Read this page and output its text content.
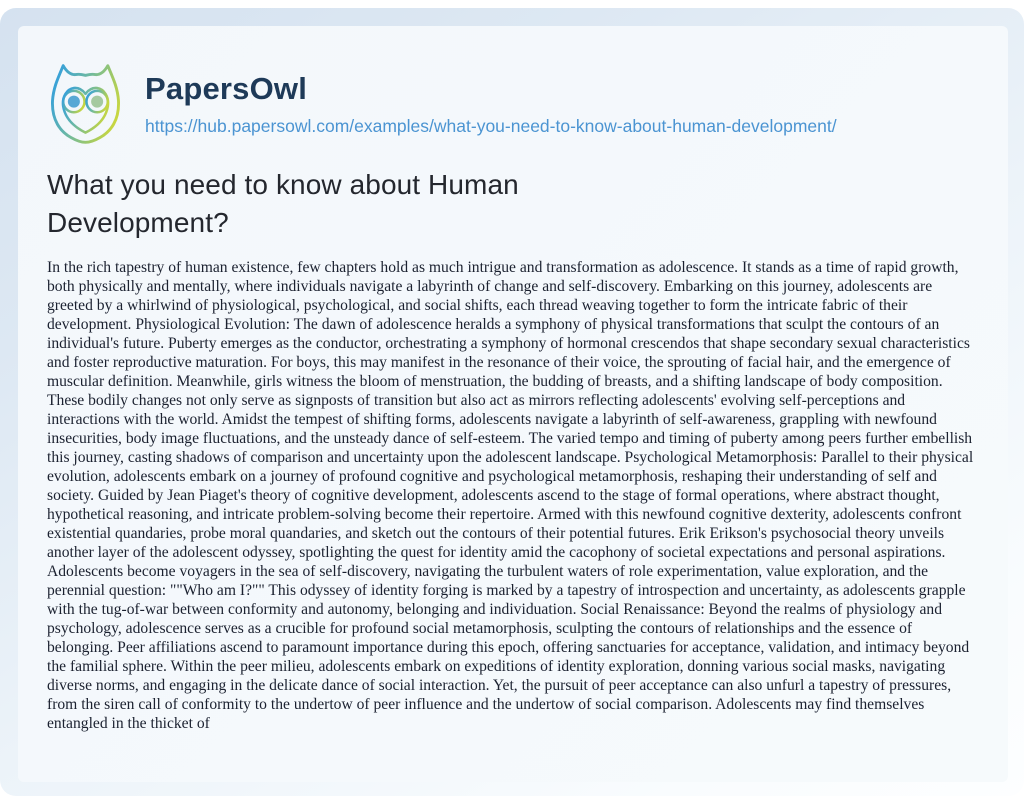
PapersOwl
https://hub.papersowl.com/examples/what-you-need-to-know-about-human-development/
What you need to know about Human Development?

In the rich tapestry of human existence, few chapters hold as much intrigue and transformation as adolescence. It stands as a time of rapid growth, both physically and mentally, where individuals navigate a labyrinth of change and self-discovery. Embarking on this journey, adolescents are greeted by a whirlwind of physiological, psychological, and social shifts, each thread weaving together to form the intricate fabric of their development. Physiological Evolution: The dawn of adolescence heralds a symphony of physical transformations that sculpt the contours of an individual's future. Puberty emerges as the conductor, orchestrating a symphony of hormonal crescendos that shape secondary sexual characteristics and foster reproductive maturation. For boys, this may manifest in the resonance of their voice, the sprouting of facial hair, and the emergence of muscular definition. Meanwhile, girls witness the bloom of menstruation, the budding of breasts, and a shifting landscape of body composition. These bodily changes not only serve as signposts of transition but also act as mirrors reflecting adolescents' evolving self-perceptions and interactions with the world. Amidst the tempest of shifting forms, adolescents navigate a labyrinth of self-awareness, grappling with newfound insecurities, body image fluctuations, and the unsteady dance of self-esteem. The varied tempo and timing of puberty among peers further embellish this journey, casting shadows of comparison and uncertainty upon the adolescent landscape. Psychological Metamorphosis: Parallel to their physical evolution, adolescents embark on a journey of profound cognitive and psychological metamorphosis, reshaping their understanding of self and society. Guided by Jean Piaget's theory of cognitive development, adolescents ascend to the stage of formal operations, where abstract thought, hypothetical reasoning, and intricate problem-solving become their repertoire. Armed with this newfound cognitive dexterity, adolescents confront existential quandaries, probe moral quandaries, and sketch out the contours of their potential futures. Erik Erikson's psychosocial theory unveils another layer of the adolescent odyssey, spotlighting the quest for identity amid the cacophony of societal expectations and personal aspirations. Adolescents become voyagers in the sea of self-discovery, navigating the turbulent waters of role experimentation, value exploration, and the perennial question: ""Who am I?"" This odyssey of identity forging is marked by a tapestry of introspection and uncertainty, as adolescents grapple with the tug-of-war between conformity and autonomy, belonging and individuation. Social Renaissance: Beyond the realms of physiology and psychology, adolescence serves as a crucible for profound social metamorphosis, sculpting the contours of relationships and the essence of belonging. Peer affiliations ascend to paramount importance during this epoch, offering sanctuaries for acceptance, validation, and intimacy beyond the familial sphere. Within the peer milieu, adolescents embark on expeditions of identity exploration, donning various social masks, navigating diverse norms, and engaging in the delicate dance of social interaction. Yet, the pursuit of peer acceptance can also unfurl a tapestry of pressures, from the siren call of conformity to the undertow of peer influence and the undertow of social comparison. Adolescents may find themselves entangled in the thicket of
